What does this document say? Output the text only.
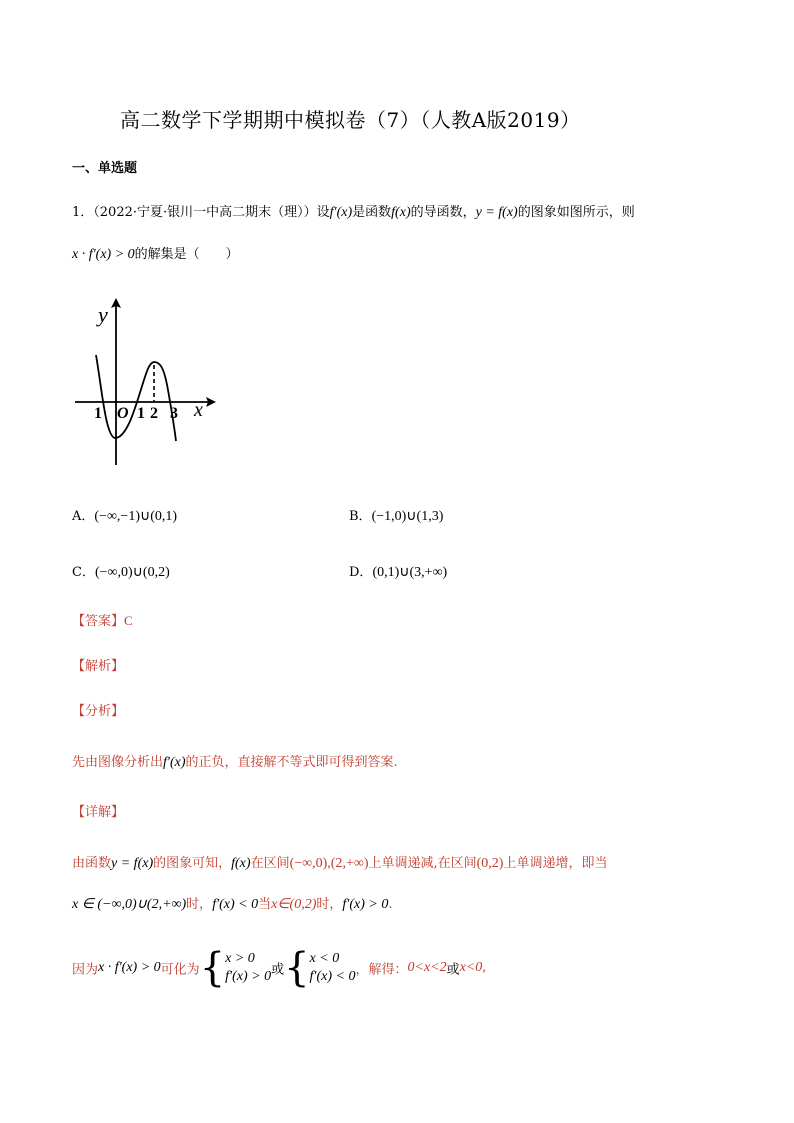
高二数学下学期期中模拟卷（7）（人教A版2019）
一、单选题
1．（2022·宁夏·银川一中高二期末（理））设f′(x)是函数f(x)的导函数，y = f(x)的图象如图所示，则
x · f′(x) > 0的解集是（　　）
y
x
1 O 1 2 3
A．(−∞,−1)∪(0,1)	B．(−1,0)∪(1,3)
C．(−∞,0)∪(0,2)	D．(0,1)∪(3,+∞)
【答案】C
【解析】
【分析】
先由图像分析出f′(x)的正负，直接解不等式即可得到答案.
【详解】
由函数y = f(x)的图象可知，f(x)在区间(−∞,0),(2,+∞)上单调递减,在区间(0,2)上单调递增，即当
x ∈ (−∞,0)∪(2,+∞)时，f′(x) < 0当x∈(0,2)时，f′(x) > 0.
因为x · f′(x) > 0可化为{ x > 0
f′(x) > 0 或{ x < 0
f′(x) < 0 ，解得：0<x<2或x<0,
